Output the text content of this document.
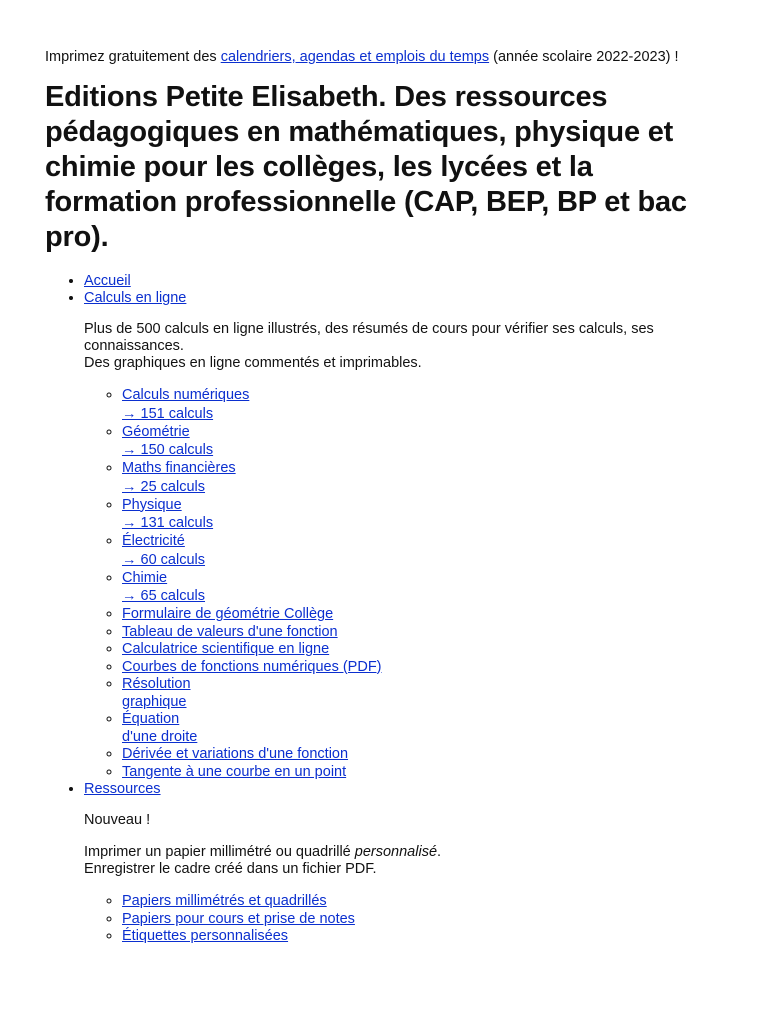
Imprimez gratuitement des calendriers, agendas et emplois du temps (année scolaire 2022-2023) !

Editions Petite Elisabeth. Des ressources pédagogiques en mathématiques, physique et chimie pour les collèges, les lycées et la formation professionnelle (CAP, BEP, BP et bac pro).
• Accueil
• Calculs en ligne

Plus de 500 calculs en ligne illustrés, des résumés de cours pour vérifier ses calculs, ses connaissances.
Des graphiques en ligne commentés et imprimables.

◦ Calculs numériques
→ 151 calculs
◦ Géométrie
→ 150 calculs
◦ Maths financières
→ 25 calculs
◦ Physique
→ 131 calculs
◦ Électricité
→ 60 calculs
◦ Chimie
→ 65 calculs
◦ Formulaire de géométrie Collège
◦ Tableau de valeurs d'une fonction
◦ Calculatrice scientifique en ligne
◦ Courbes de fonctions numériques (PDF)
◦ Résolution
graphique
◦ Équation
d'une droite
◦ Dérivée et variations d'une fonction
◦ Tangente à une courbe en un point
• Ressources

Nouveau !

Imprimer un papier millimétré ou quadrillé personnalisé.
Enregistrer le cadre créé dans un fichier PDF.

◦ Papiers millimétrés et quadrillés
◦ Papiers pour cours et prise de notes
◦ Étiquettes personnalisées
